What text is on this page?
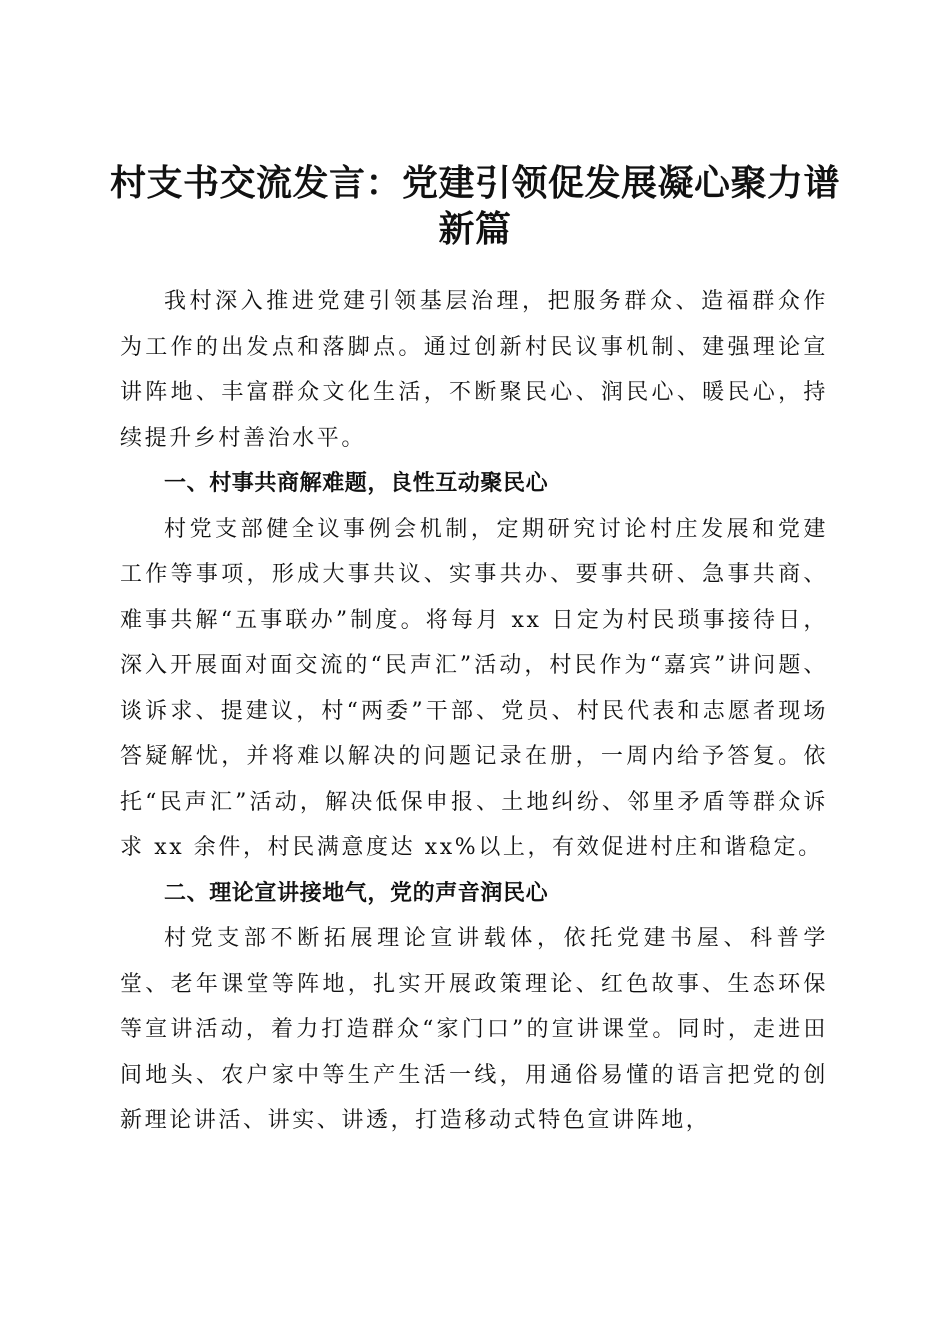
村支书交流发言：党建引领促发展凝心聚力谱新篇

我村深入推进党建引领基层治理，把服务群众、造福群众作为工作的出发点和落脚点。通过创新村民议事机制、建强理论宣讲阵地、丰富群众文化生活，不断聚民心、润民心、暖民心，持续提升乡村善治水平。

一、村事共商解难题，良性互动聚民心

村党支部健全议事例会机制，定期研究讨论村庄发展和党建工作等事项，形成大事共议、实事共办、要事共研、急事共商、难事共解“五事联办”制度。将每月 xx 日定为村民琐事接待日，深入开展面对面交流的“民声汇”活动，村民作为“嘉宾”讲问题、谈诉求、提建议，村“两委”干部、党员、村民代表和志愿者现场答疑解忧，并将难以解决的问题记录在册，一周内给予答复。依托“民声汇”活动，解决低保申报、土地纠纷、邻里矛盾等群众诉求 xx 余件，村民满意度达 xx%以上，有效促进村庄和谐稳定。

二、理论宣讲接地气，党的声音润民心

村党支部不断拓展理论宣讲载体，依托党建书屋、科普学堂、老年课堂等阵地，扎实开展政策理论、红色故事、生态环保等宣讲活动，着力打造群众“家门口”的宣讲课堂。同时，走进田间地头、农户家中等生产生活一线，用通俗易懂的语言把党的创新理论讲活、讲实、讲透，打造移动式特色宣讲阵地，
